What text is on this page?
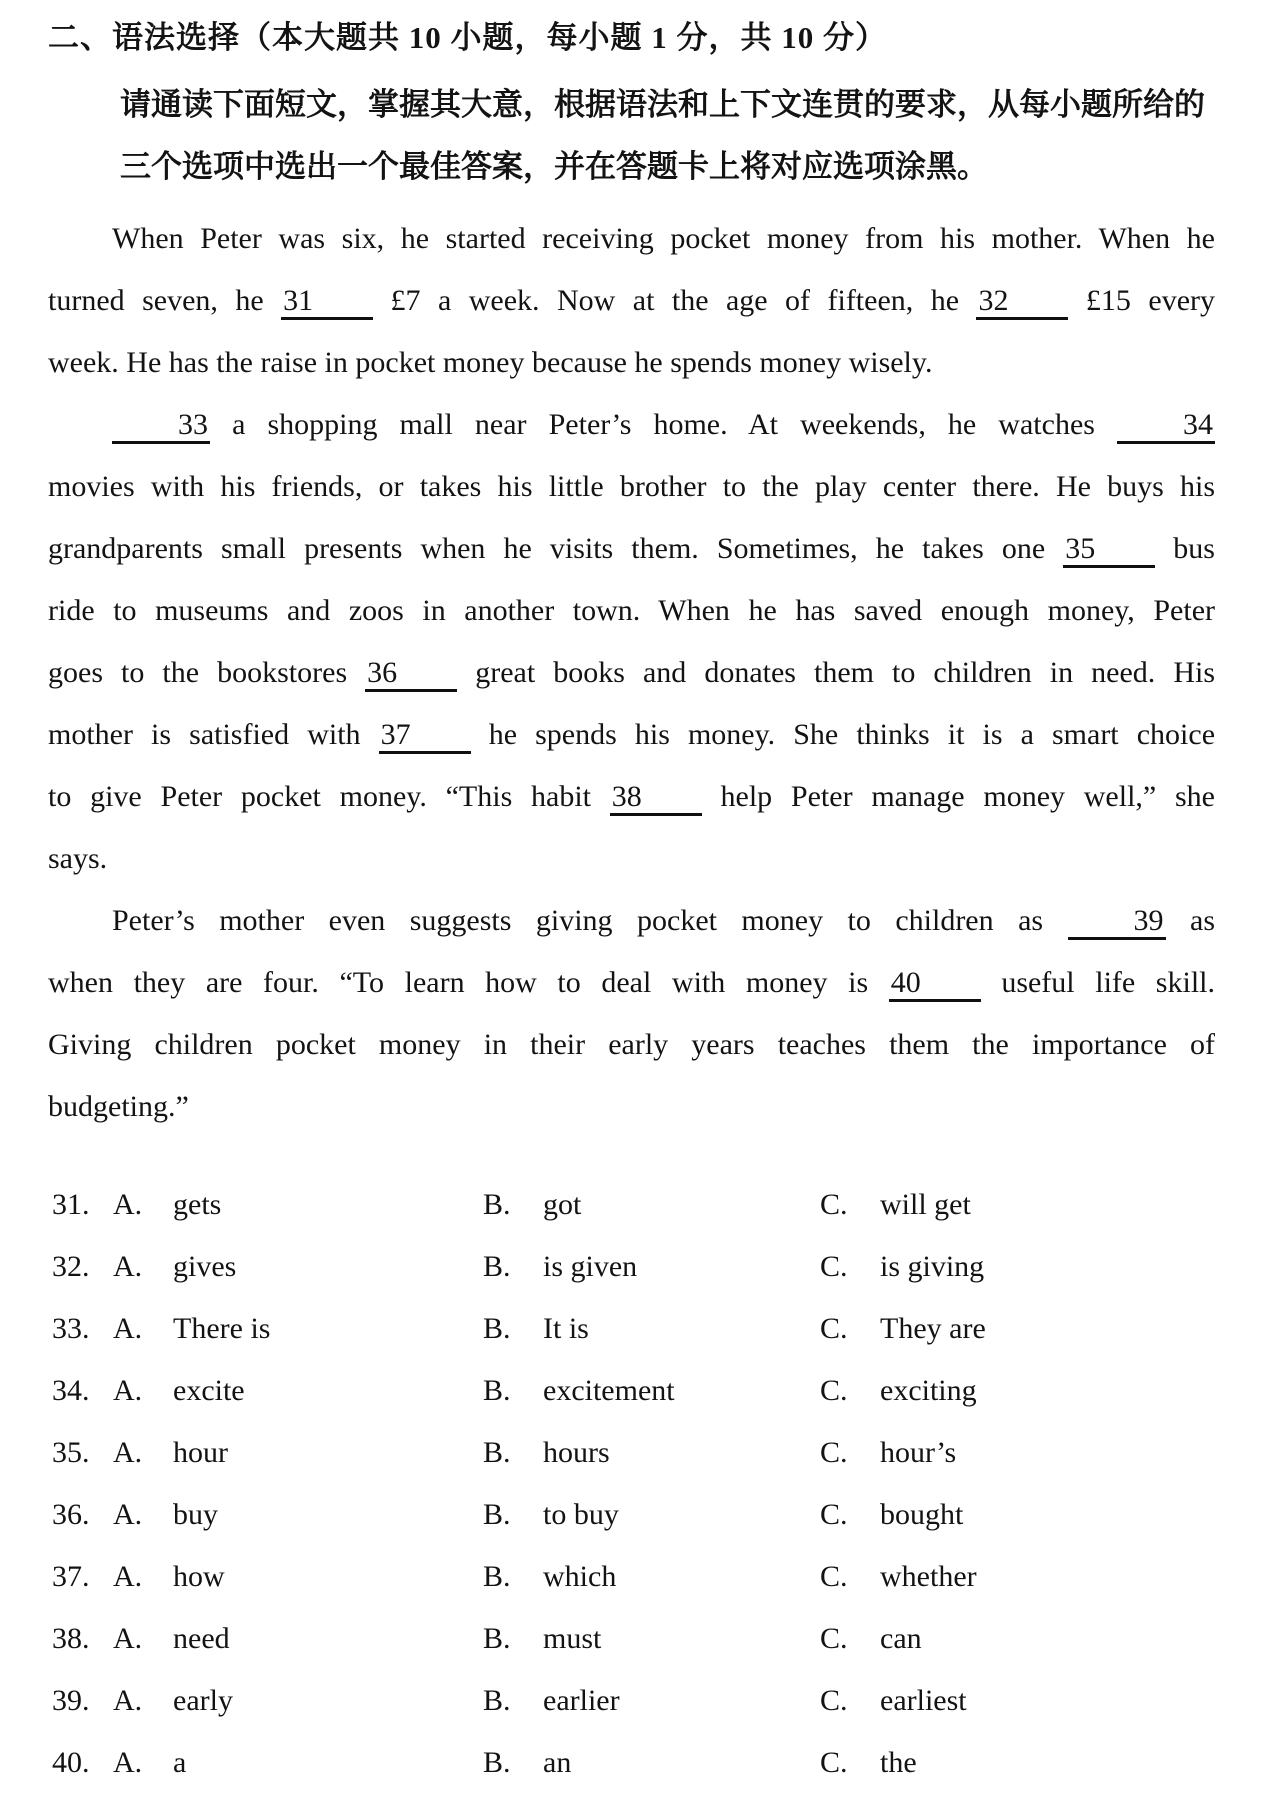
二、语法选择（本大题共 10 小题，每小题 1 分，共 10 分）
请通读下面短文，掌握其大意，根据语法和上下文连贯的要求，从每小题所给的
三个选项中选出一个最佳答案，并在答题卡上将对应选项涂黑。
When Peter was six, he started receiving pocket money from his mother. When he
turned seven, he 31 £7 a week. Now at the age of fifteen, he 32 £15 every
week. He has the raise in pocket money because he spends money wisely.
33 a shopping mall near Peter’s home. At weekends, he watches 34
movies with his friends, or takes his little brother to the play center there. He buys his
grandparents small presents when he visits them. Sometimes, he takes one 35 bus
ride to museums and zoos in another town. When he has saved enough money, Peter
goes to the bookstores 36 great books and donates them to children in need. His
mother is satisfied with 37 he spends his money. She thinks it is a smart choice
to give Peter pocket money. “This habit 38 help Peter manage money well,” she
says.
Peter’s mother even suggests giving pocket money to children as 39 as
when they are four. “To learn how to deal with money is 40 useful life skill.
Giving children pocket money in their early years teaches them the importance of
budgeting.”
31. A. gets	B. got	C. will get
32. A. gives	B. is given	C. is giving
33. A. There is	B. It is	C. They are
34. A. excite	B. excitement	C. exciting
35. A. hour	B. hours	C. hour’s
36. A. buy	B. to buy	C. bought
37. A. how	B. which	C. whether
38. A. need	B. must	C. can
39. A. early	B. earlier	C. earliest
40. A. a	B. an	C. the
